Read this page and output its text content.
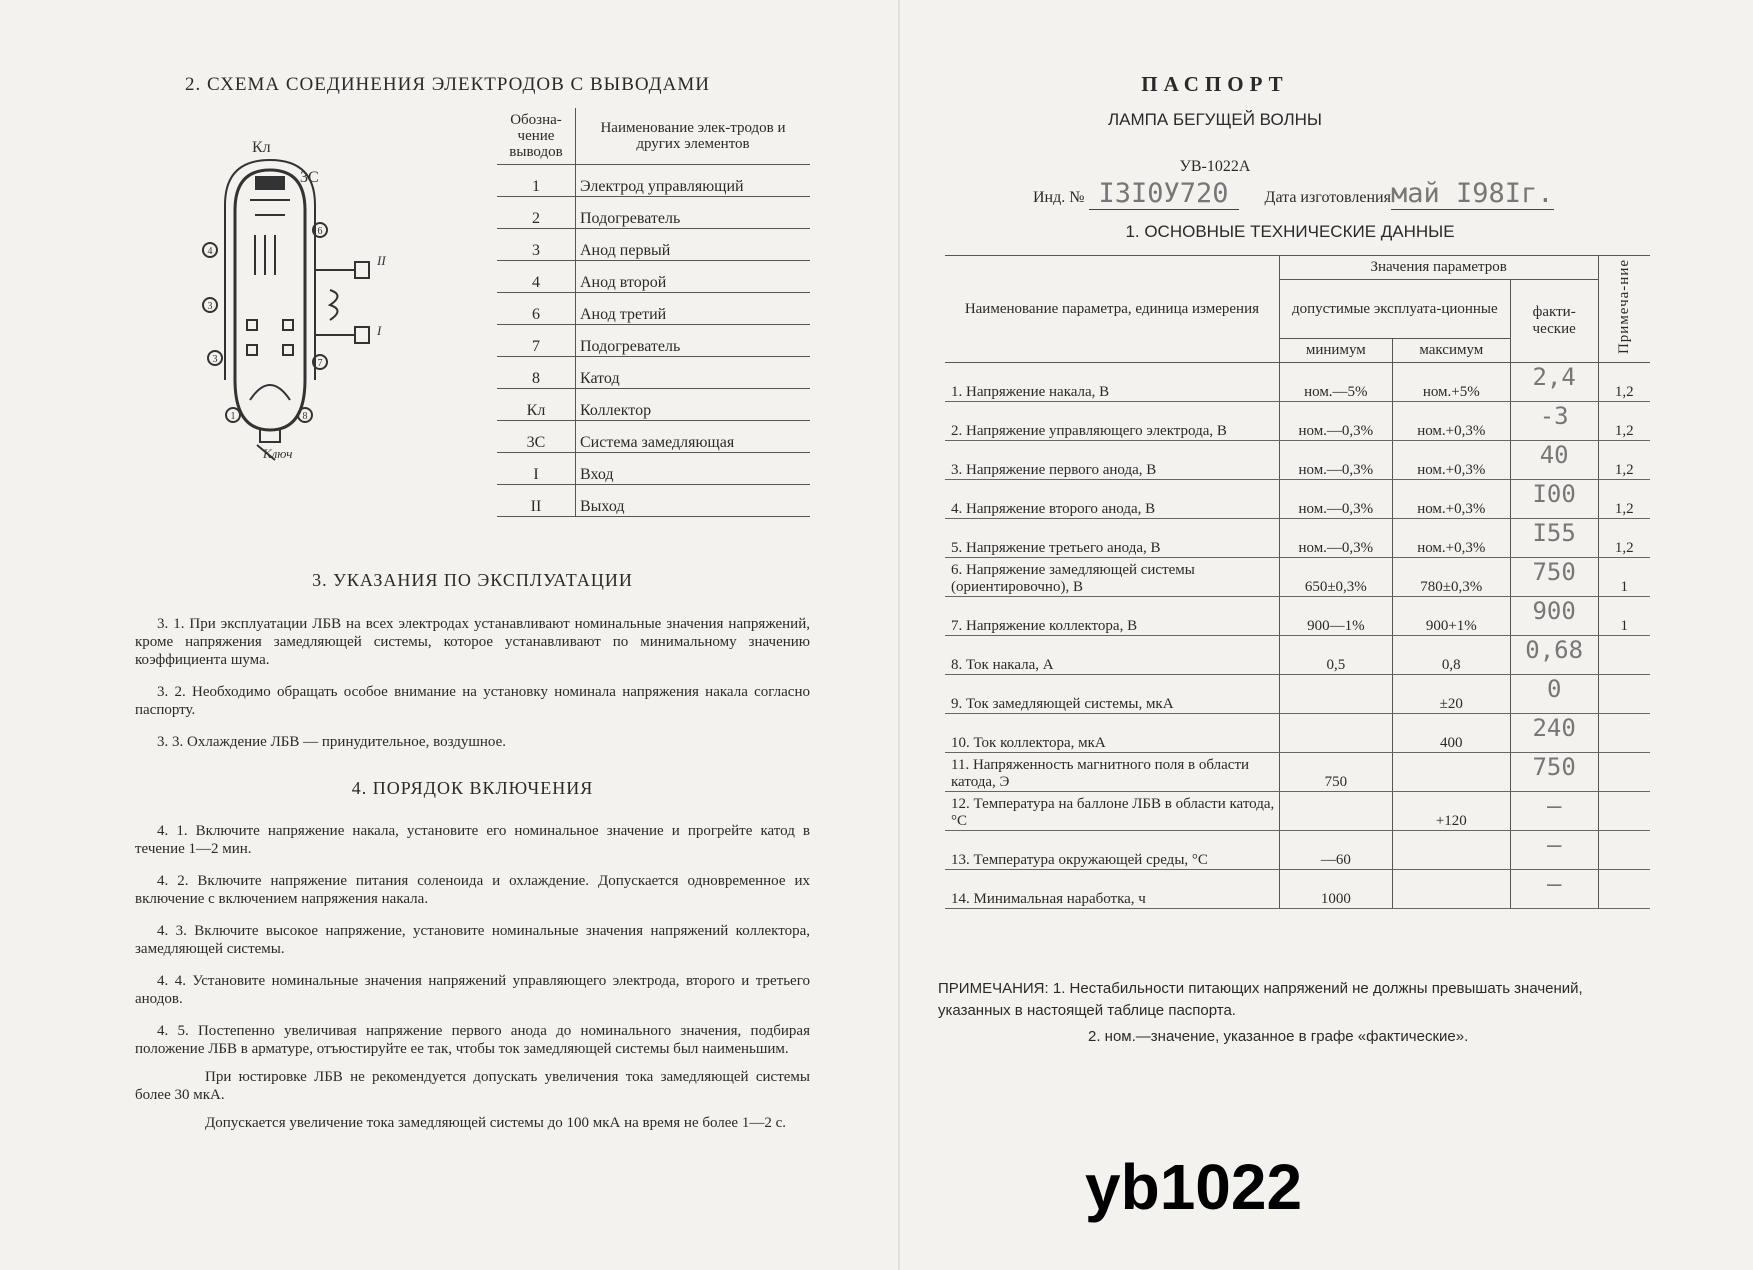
2. СХЕМА СОЕДИНЕНИЯ ЭЛЕКТРОДОВ С ВЫВОДАМИ
Кл
3С
Ключ
II
I
1
3
3
4
6
7
8
Обозна-чение выводов	Наименование элек-тродов и других элементов
1	Электрод управляющий
2	Подогреватель
3	Анод первый
4	Анод второй
6	Анод третий
7	Подогреватель
8	Катод
Кл	Коллектор
3С	Система замедляющая
I	Вход
II	Выход
3. УКАЗАНИЯ ПО ЭКСПЛУАТАЦИИ

3. 1. При эксплуатации ЛБВ на всех электродах устанавливают номинальные значения напряжений, кроме напряжения замедляющей системы, которое устанавливают по минимальному значению коэффициента шума.

3. 2. Необходимо обращать особое внимание на установку номинала напряжения накала согласно паспорту.

3. 3. Охлаждение ЛБВ — принудительное, воздушное.

4. ПОРЯДОК ВКЛЮЧЕНИЯ

4. 1. Включите напряжение накала, установите его номинальное значение и прогрейте катод в течение 1—2 мин.

4. 2. Включите напряжение питания соленоида и охлаждение. Допускается одновременное их включение с включением напряжения накала.

4. 3. Включите высокое напряжение, установите номинальные значения напряжений коллектора, замедляющей системы.

4. 4. Установите номинальные значения напряжений управляющего электрода, второго и третьего анодов.

4. 5. Постепенно увеличивая напряжение первого анода до номинального значения, подбирая положение ЛБВ в арматуре, отъюстируйте ее так, чтобы ток замедляющей системы был наименьшим.

При юстировке ЛБВ не рекомендуется допускать увеличения тока замедляющей системы более 30 мкА.

Допускается увеличение тока замедляющей системы до 100 мкА на время не более 1—2 с.

ПАСПОРТ
ЛАМПА БЕГУЩЕЙ ВОЛНЫ
УВ-1022А
Инд. № I3I0У720 Дата изготовлениямай I98Iг.
1. ОСНОВНЫЕ ТЕХНИЧЕСКИЕ ДАННЫЕ
Наименование параметра, единица измерения	Значения параметров			Примеча-ние
	допустимые эксплуата-ционные		факти-ческие	
	минимум	максимум		
1. Напряжение накала, В	ном.—5%	ном.+5%	2,4	1,2
2. Напряжение управляющего электрода, В	ном.—0,3%	ном.+0,3%	-3	1,2
3. Напряжение первого анода, В	ном.—0,3%	ном.+0,3%	40	1,2
4. Напряжение второго анода, В	ном.—0,3%	ном.+0,3%	I00	1,2
5. Напряжение третьего анода, В	ном.—0,3%	ном.+0,3%	I55	1,2
6. Напряжение замедляющей системы (ориентировочно), В	650±0,3%	780±0,3%	750	1
7. Напряжение коллектора, В	900—1%	900+1%	900	1
8. Ток накала, А	0,5	0,8	0,68	
9. Ток замедляющей системы, мкА		±20	0	
10. Ток коллектора, мкА		400	240	
11. Напряженность магнитного поля в области катода, Э	750		750	
12. Температура на баллоне ЛБВ в области катода, °С		+120	—	
13. Температура окружающей среды, °С	—60		—	
14. Минимальная наработка, ч	1000		—	
ПРИМЕЧАНИЯ: 1. Нестабильности питающих напряжений не должны превышать значений, указанных в настоящей таблице паспорта.
2. ном.—значение, указанное в графе «фактические».
yb1022
